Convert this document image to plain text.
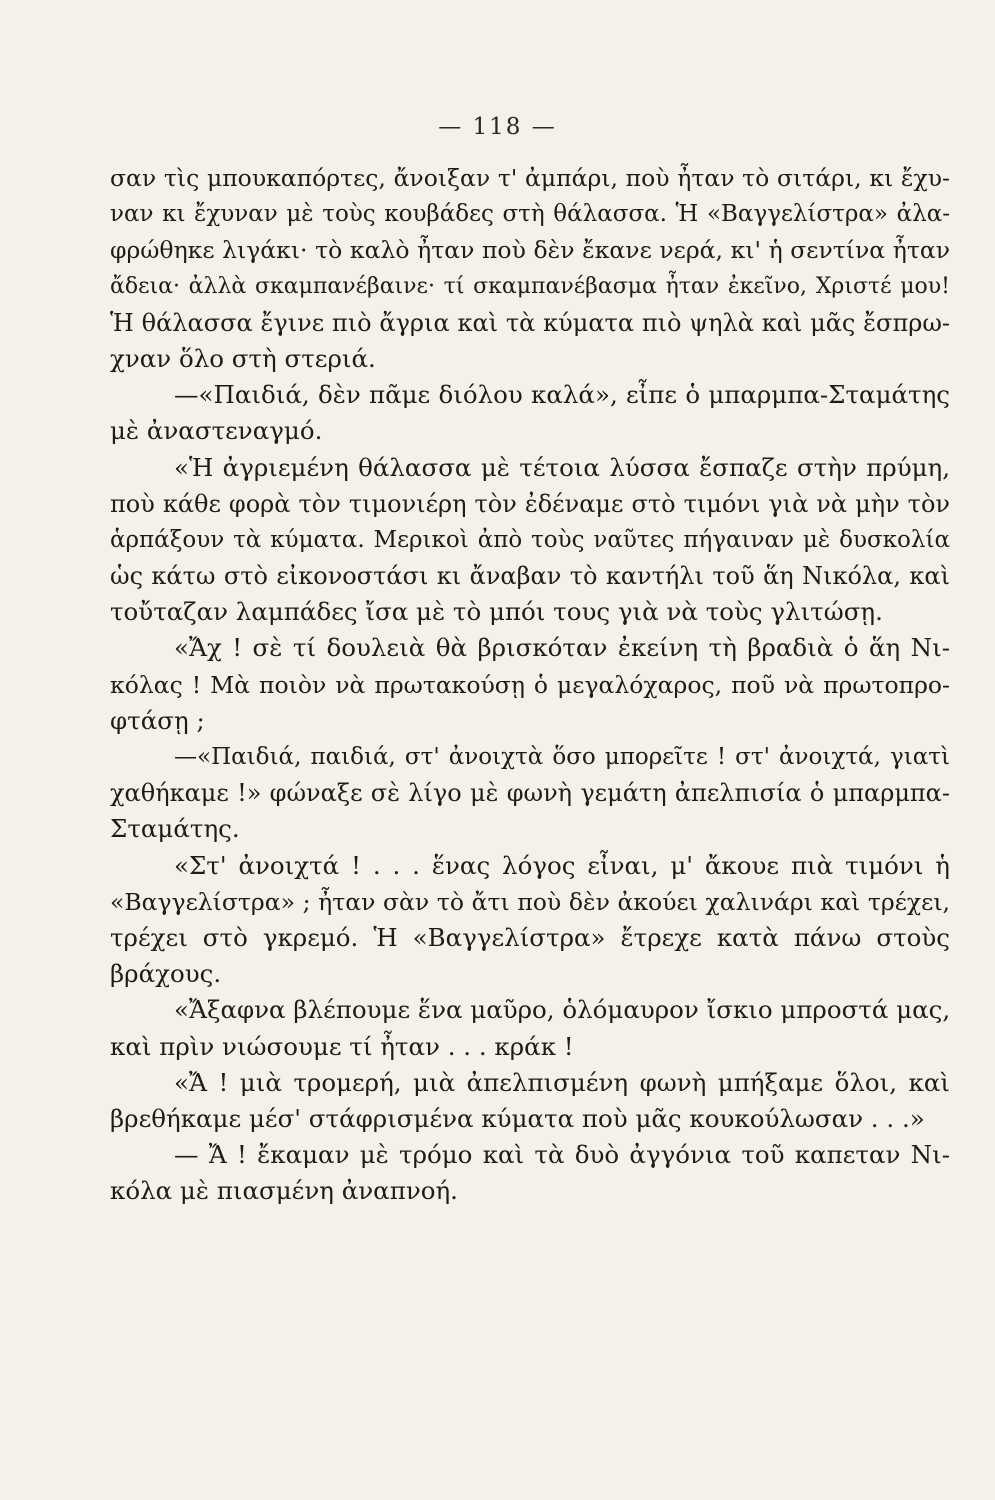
— 118 —
σαν τὶς μπουκαπόρτες, ἄνοιξαν τ' ἀμπάρι, ποὺ ἦταν τὸ σιτάρι, κι ἔχυ-
ναν κι ἔχυναν μὲ τοὺς κουβάδες στὴ θάλασσα. Ἡ «Βαγγελίστρα» ἀλα-
φρώθηκε λιγάκι· τὸ καλὸ ἦταν ποὺ δὲν ἔκανε νερά, κι' ἡ σεντίνα ἦταν
ἄδεια· ἀλλὰ σκαμπανέβαινε· τί σκαμπανέβασμα ἦταν ἐκεῖνο, Χριστέ μου!
Ἡ θάλασσα ἔγινε πιὸ ἄγρια καὶ τὰ κύματα πιὸ ψηλὰ καὶ μᾶς ἔσπρω-
χναν ὅλο στὴ στεριά.
—«Παιδιά, δὲν πᾶμε διόλου καλά», εἶπε ὁ μπαρμπα-Σταμάτης
μὲ ἀναστεναγμό.
«Ἡ ἀγριεμένη θάλασσα μὲ τέτοια λύσσα ἔσπαζε στὴν πρύμη,
ποὺ κάθε φορὰ τὸν τιμονιέρη τὸν ἐδέναμε στὸ τιμόνι γιὰ νὰ μὴν τὸν
ἁρπάξουν τὰ κύματα. Μερικοὶ ἀπὸ τοὺς ναῦτες πήγαιναν μὲ δυσκολία
ὡς κάτω στὸ εἰκονοστάσι κι ἄναβαν τὸ καντήλι τοῦ ἅη Νικόλα, καὶ
τοὔταζαν λαμπάδες ἴσα μὲ τὸ μπόι τους γιὰ νὰ τοὺς γλιτώσῃ.
«Ἄχ ! σὲ τί δουλειὰ θὰ βρισκόταν ἐκείνη τὴ βραδιὰ ὁ ἅη Νι-
κόλας ! Μὰ ποιὸν νὰ πρωτακούσῃ ὁ μεγαλόχαρος, ποῦ νὰ πρωτοπρο-
φτάσῃ ;
—«Παιδιά, παιδιά, στ' ἀνοιχτὰ ὅσο μπορεῖτε ! στ' ἀνοιχτά, γιατὶ
χαθήκαμε !» φώναξε σὲ λίγο μὲ φωνὴ γεμάτη ἀπελπισία ὁ μπαρμπα-
Σταμάτης.
«Στ' ἀνοιχτά ! . . . ἕνας λόγος εἶναι, μ' ἄκουε πιὰ τιμόνι ἡ
«Βαγγελίστρα» ; ἦταν σὰν τὸ ἄτι ποὺ δὲν ἀκούει χαλινάρι καὶ τρέχει,
τρέχει στὸ γκρεμό. Ἡ «Βαγγελίστρα» ἔτρεχε κατὰ πάνω στοὺς
βράχους.
«Ἄξαφνα βλέπουμε ἕνα μαῦρο, ὁλόμαυρον ἴσκιο μπροστά μας,
καὶ πρὶν νιώσουμε τί ἦταν . . . κράκ !
«Ἄ ! μιὰ τρομερή, μιὰ ἀπελπισμένη φωνὴ μπήξαμε ὅλοι, καὶ
βρεθήκαμε μέσ' στάφρισμένα κύματα ποὺ μᾶς κουκούλωσαν . . .»
— Ἄ ! ἔκαμαν μὲ τρόμο καὶ τὰ δυὸ ἀγγόνια τοῦ καπεταν Νι-
κόλα μὲ πιασμένη ἀναπνοή.
